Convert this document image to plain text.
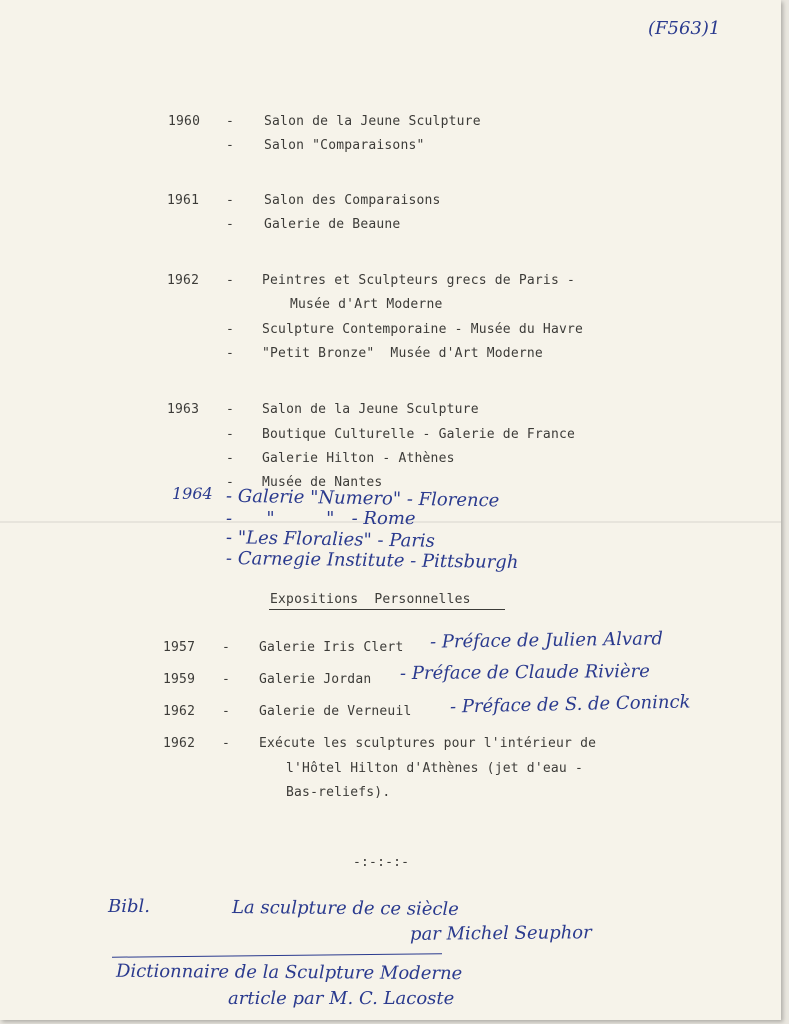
(F563)1
1960 - Salon de la Jeune Sculpture
- Salon "Comparaisons"
1961 - Salon des Comparaisons
- Galerie de Beaune
1962 - Peintres et Sculpteurs grecs de Paris -
Musée d'Art Moderne
- Sculpture Contemporaine - Musée du Havre
- "Petit Bronze"  Musée d'Art Moderne
1963 - Salon de la Jeune Sculpture
- Boutique Culturelle - Galerie de France
- Galerie Hilton - Athènes
- Musée de Nantes
1964 - Galerie "Numero" - Florence
-      "         "   - Rome
- "Les Floralies" - Paris
- Carnegie Institute - Pittsburgh
Expositions  Personnelles
1957 - Galerie Iris Clert - Préface de Julien Alvard
1959 - Galerie Jordan - Préface de Claude Rivière
1962 - Galerie de Verneuil - Préface de S. de Coninck
1962 - Exécute les sculptures pour l'intérieur de
l'Hôtel Hilton d'Athènes (jet d'eau -
Bas-reliefs).
-:-:-:-
Bibl.	La sculpture de ce siècle
par Michel Seuphor
Dictionnaire de la Sculpture Moderne
article par M. C. Lacoste
